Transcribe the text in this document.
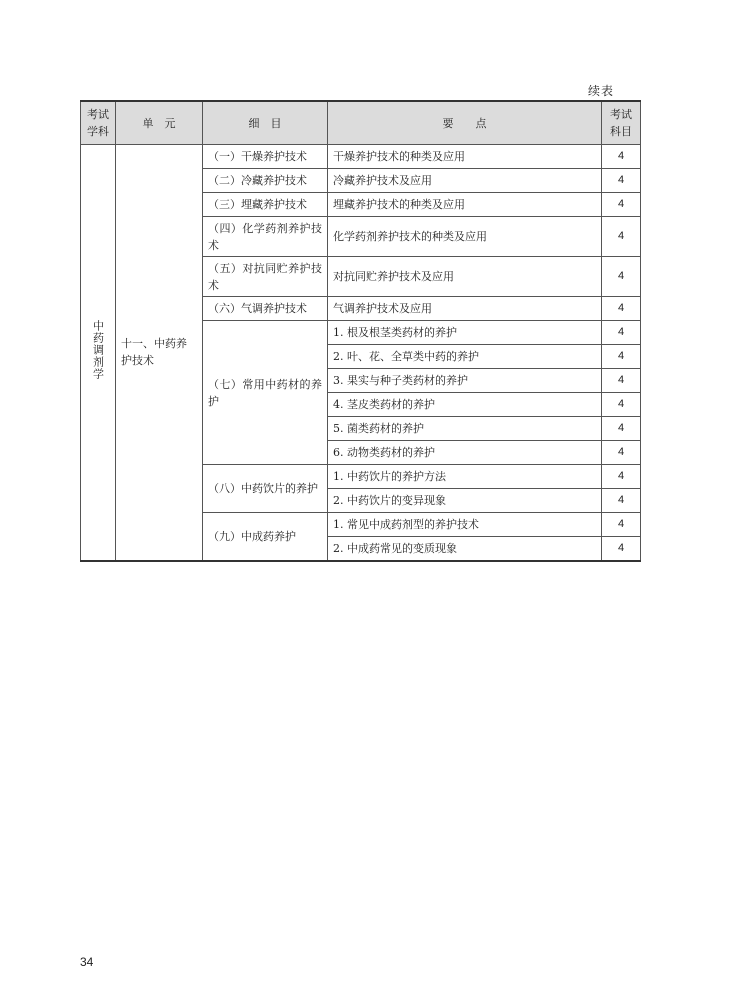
续表
考试学科	单　元	细　目	要　　点	考试科目
中药调剂学	十一、中药养护技术	（一）干燥养护技术	干燥养护技术的种类及应用	4
		（二）冷藏养护技术	冷藏养护技术及应用	4
		（三）埋藏养护技术	埋藏养护技术的种类及应用	4
		（四）化学药剂养护技术	化学药剂养护技术的种类及应用	4
		（五）对抗同贮养护技术	对抗同贮养护技术及应用	4
		（六）气调养护技术	气调养护技术及应用	4
		（七）常用中药材的养护	1. 根及根茎类药材的养护	4
			2. 叶、花、全草类中药的养护	4
			3. 果实与种子类药材的养护	4
			4. 茎皮类药材的养护	4
			5. 菌类药材的养护	4
			6. 动物类药材的养护	4
		（八）中药饮片的养护	1. 中药饮片的养护方法	4
			2. 中药饮片的变异现象	4
		（九）中成药养护	1. 常见中成药剂型的养护技术	4
			2. 中成药常见的变质现象	4
34
